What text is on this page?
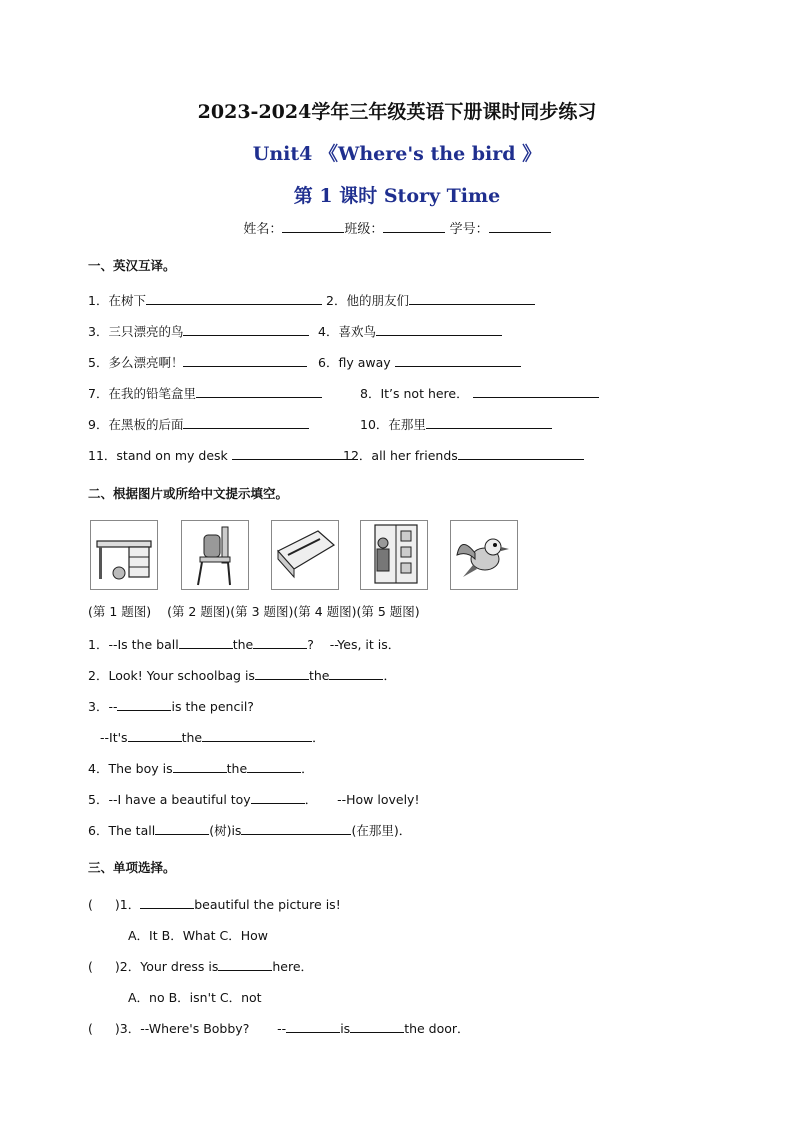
2023-2024学年三年级英语下册课时同步练习
Unit4 《Where's the bird 》
第 1 课时 Story Time
姓名：	班级：	学号：
一、英汉互译。
1．在树下	2．他的朋友们
3．三只漂亮的鸟	4．喜欢鸟
5．多么漂亮啊！	6．fly away
7．在我的铅笔盒里	8．It’s not here．
9．在黑板的后面	10．在那里
11．stand on my desk	12．all her friends
二、根据图片或所给中文提示填空。
(第 1 题图) (第 2 题图)(第 3 题图)(第 4 题图)(第 5 题图)
1．--Is the ball	the	? --Yes, it is．
2．Look! Your schoolbag is	the	．
3．--	is the pencil?
--It's	the	．
4．The boy is	the	．
5．--I have a beautiful toy	． --How lovely!
6．The tall	(树)is	(在那里)．
三、单项选择。
( )1．	beautiful the picture is!
A．It B．What C．How
( )2．Your dress is	here．
A．no B．isn't C．not
( )3．--Where's Bobby? --	is	the door．
